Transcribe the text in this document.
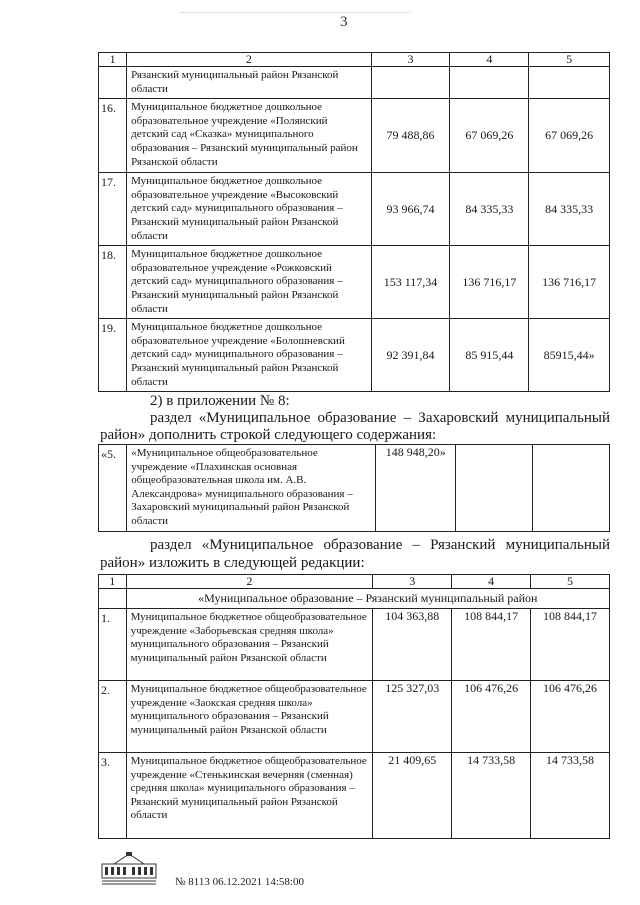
3
1	2	3	4	5
	Рязанский муниципальный район Рязанской области			
16.	Муниципальное бюджетное дошкольное образовательное учреждение «Полянский детский сад «Сказка» муниципального образования – Рязанский муниципальный район Рязанской области	79 488,86	67 069,26	67 069,26
17.	Муниципальное бюджетное дошкольное образовательное учреждение «Высоковский детский сад» муниципального образования – Рязанский муниципальный район Рязанской области	93 966,74	84 335,33	84 335,33
18.	Муниципальное бюджетное дошкольное образовательное учреждение «Рожковский детский сад» муниципального образования – Рязанский муниципальный район Рязанской области	153 117,34	136 716,17	136 716,17
19.	Муниципальное бюджетное дошкольное образовательное учреждение «Болошневский детский сад» муниципального образования – Рязанский муниципальный район Рязанской области	92 391,84	85 915,44	85915,44»
2) в приложении № 8:
раздел «Муниципальное образование – Захаровский муниципальный
район» дополнить строкой следующего содержания:
«5.	«Муниципальное общеобразовательное учреждение «Плахинская основная общеобразовательная школа им. А.В. Александрова» муниципального образования – Захаровский муниципальный район Рязанской области	148 948,20»		
раздел «Муниципальное образование – Рязанский муниципальный
район» изложить в следующей редакции:
1	2	3	4	5
	«Муниципальное образование – Рязанский муниципальный район			
1.	Муниципальное бюджетное общеобразовательное учреждение «Заборьевская средняя школа» муниципального образования – Рязанский муниципальный район Рязанской области	104 363,88	108 844,17	108 844,17
2.	Муниципальное бюджетное общеобразовательное учреждение «Заокская средняя школа» муниципального образования – Рязанский муниципальный район Рязанской области	125 327,03	106 476,26	106 476,26
3.	Муниципальное бюджетное общеобразовательное учреждение «Стенькинская вечерняя (сменная) средняя школа» муниципального образования – Рязанский муниципальный район Рязанской области	21 409,65	14 733,58	14 733,58
№ 8113 06.12.2021 14:58:00
